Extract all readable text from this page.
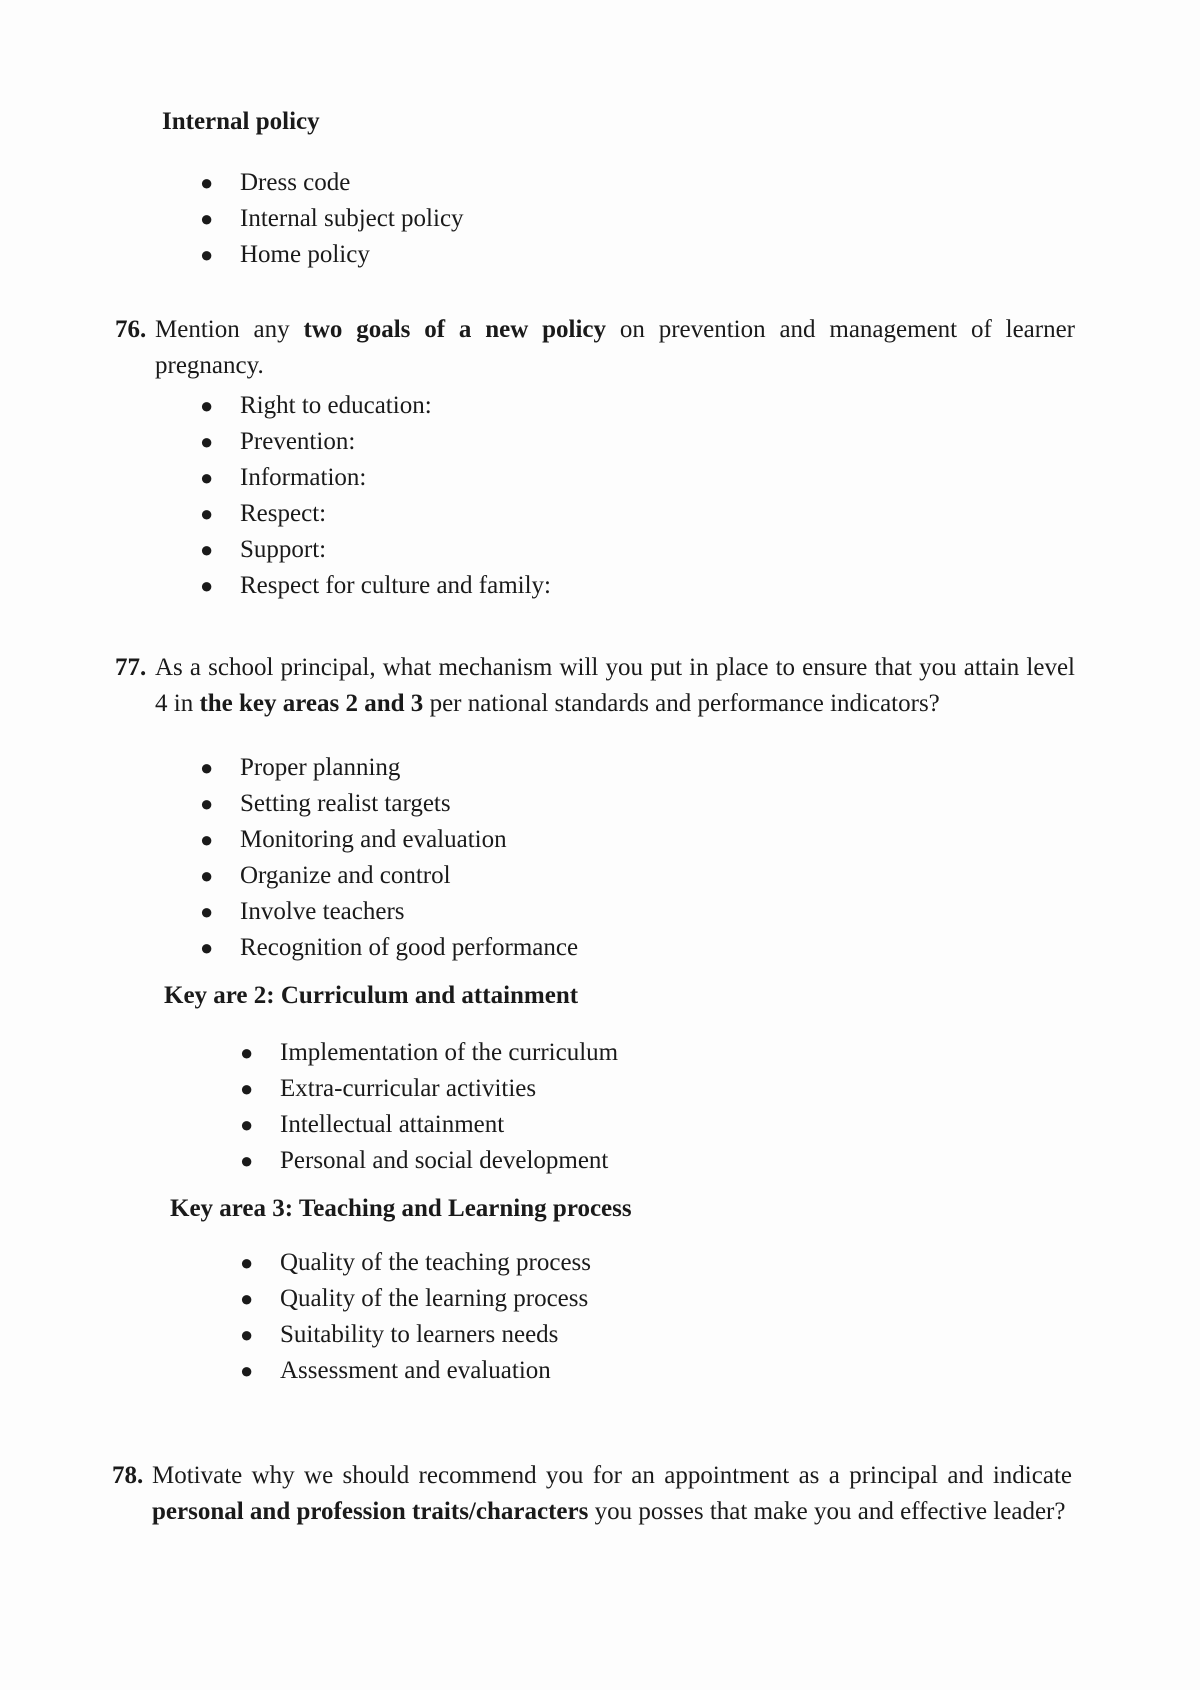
Internal policy
● Dress code
● Internal subject policy
● Home policy
76. Mention any two goals of a new policy on prevention and management of learner pregnancy.
● Right to education:
● Prevention:
● Information:
● Respect:
● Support:
● Respect for culture and family:
77. As a school principal, what mechanism will you put in place to ensure that you attain level 4 in the key areas 2 and 3 per national standards and performance indicators?
● Proper planning
● Setting realist targets
● Monitoring and evaluation
● Organize and control
● Involve teachers
● Recognition of good performance
Key are 2: Curriculum and attainment
● Implementation of the curriculum
● Extra-curricular activities
● Intellectual attainment
● Personal and social development
Key area 3: Teaching and Learning process
● Quality of the teaching process
● Quality of the learning process
● Suitability to learners needs
● Assessment and evaluation
78. Motivate why we should recommend you for an appointment as a principal and indicate personal and profession traits/characters you posses that make you and effective leader?
